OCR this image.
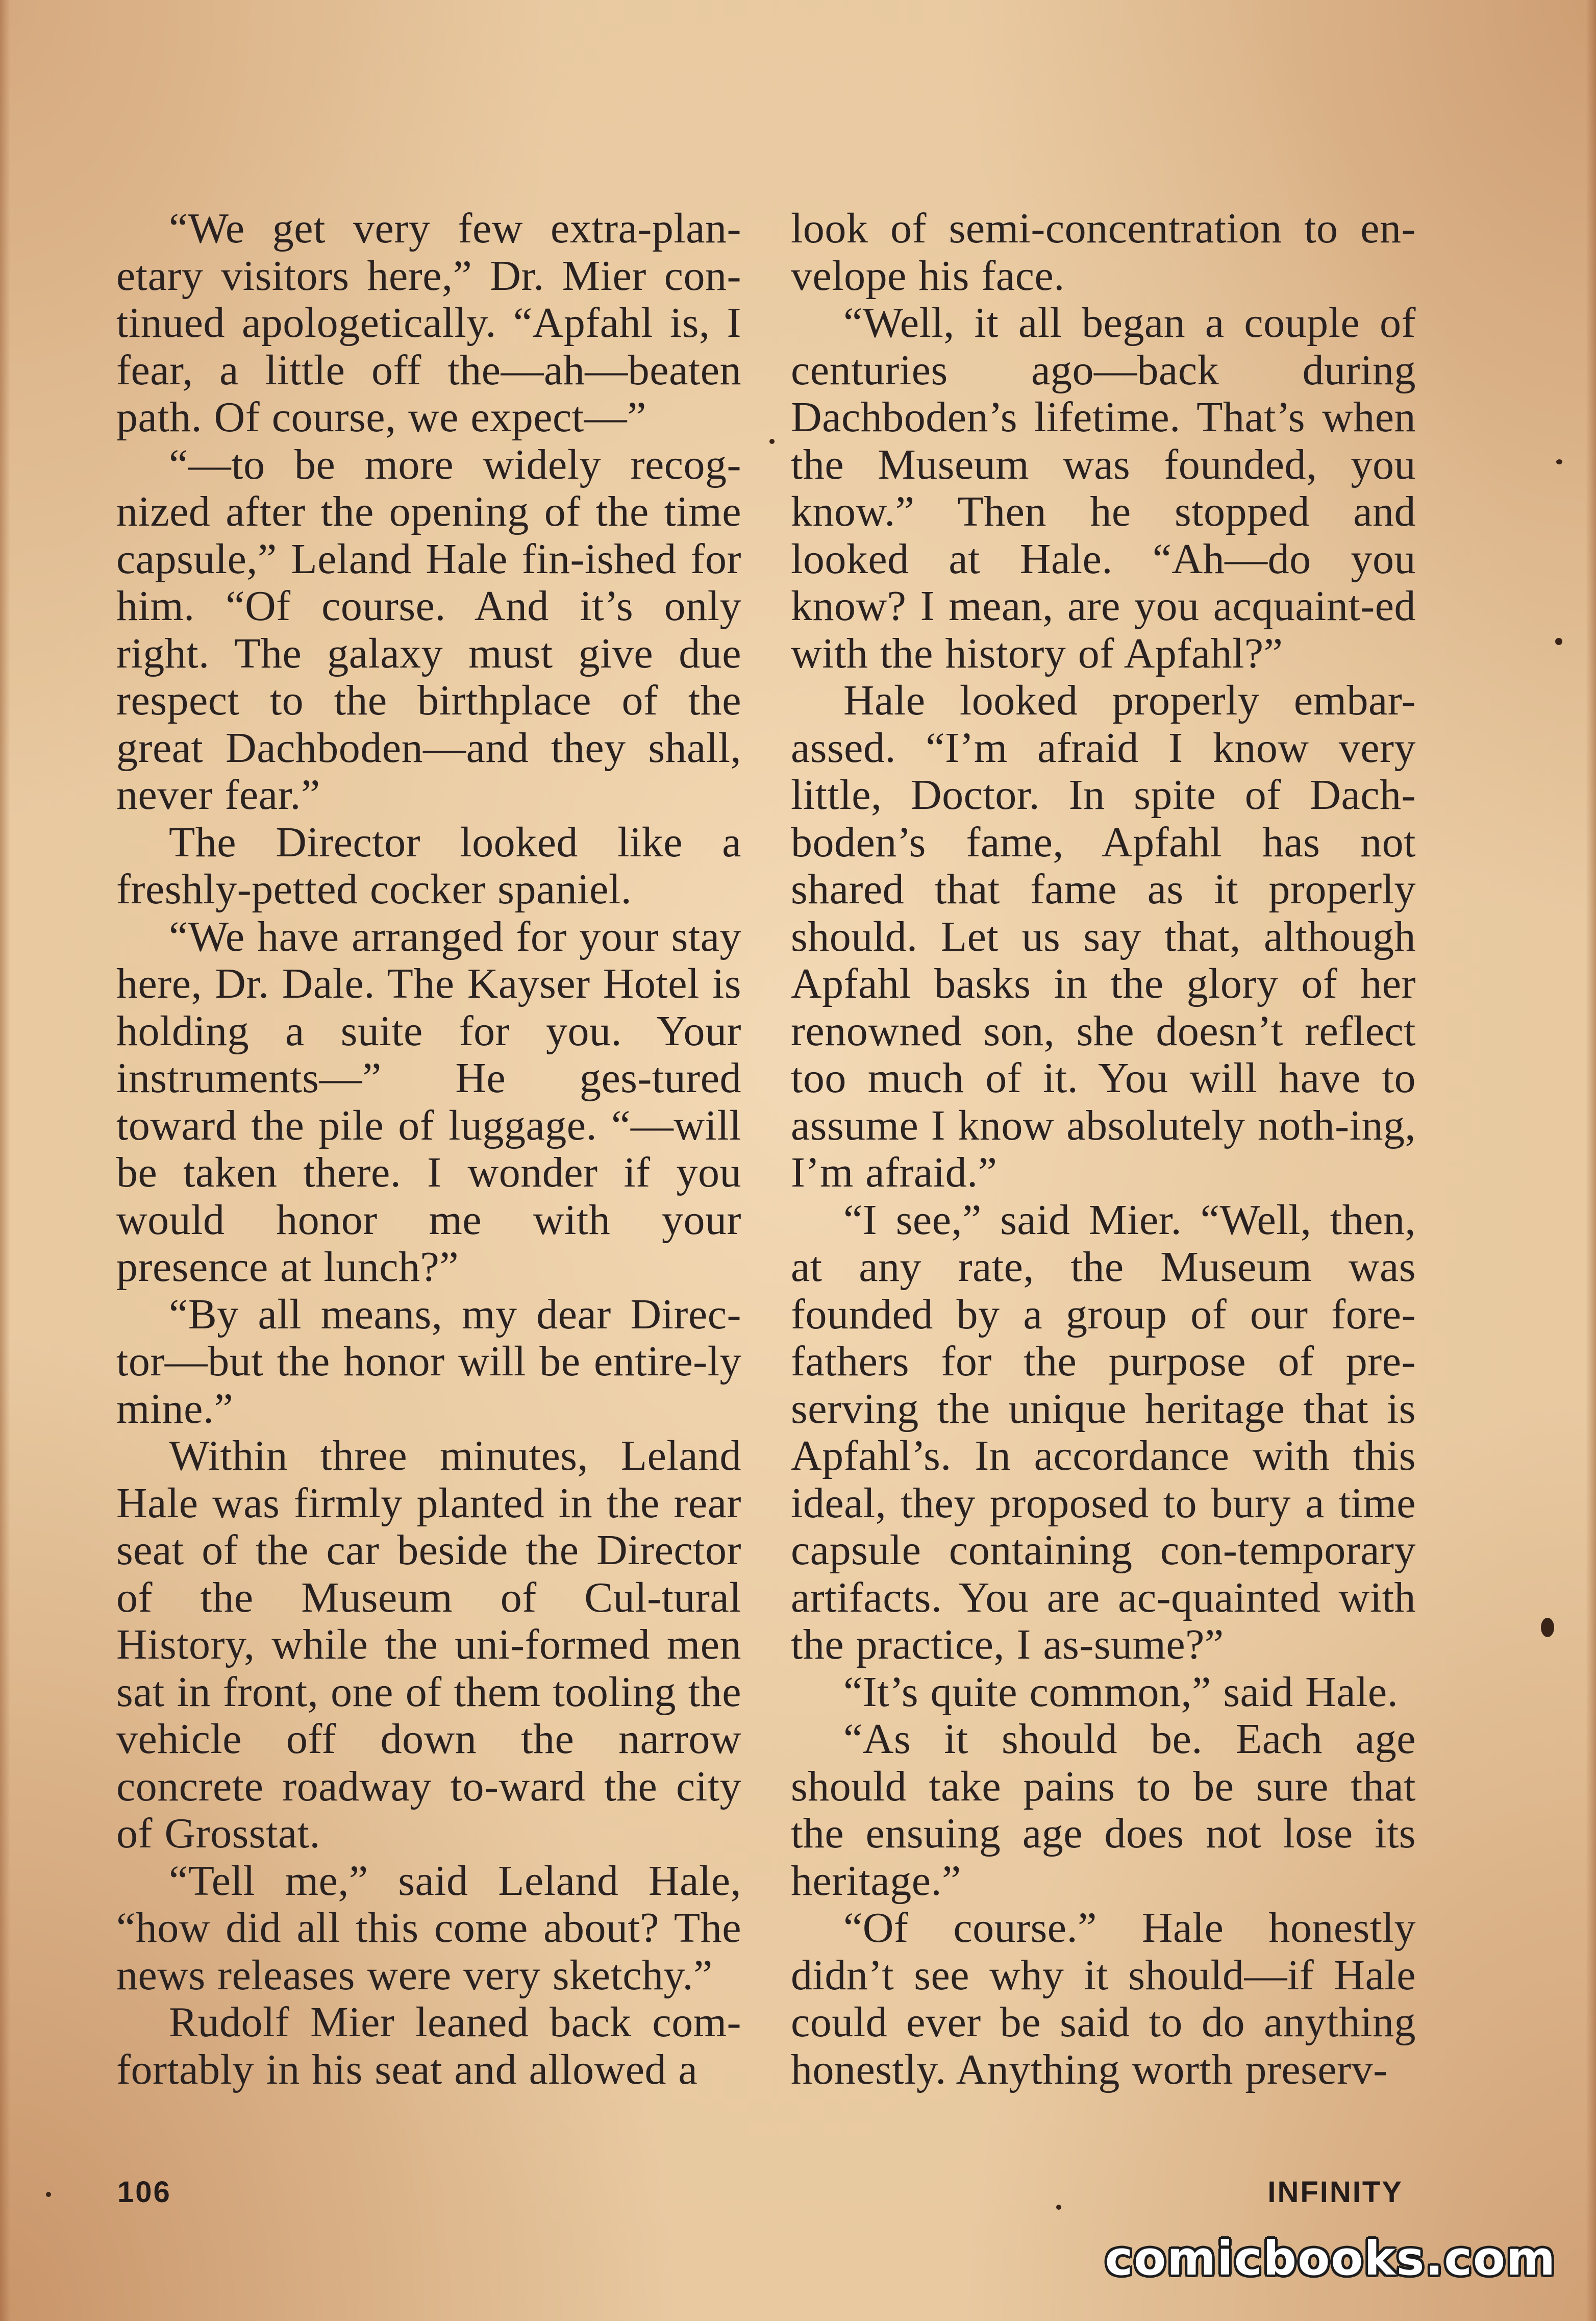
“We get very few extra-plan-etary visitors here,” Dr. Mier con-tinued apologetically. “Apfahl is, I fear, a little off the—ah—beaten path. Of course, we expect—”

“—to be more widely recog-nized after the opening of the time capsule,” Leland Hale fin-ished for him. “Of course. And it’s only right. The galaxy must give due respect to the birthplace of the great Dachboden—and they shall, never fear.”

The Director looked like a freshly-petted cocker spaniel.

“We have arranged for your stay here, Dr. Dale. The Kayser Hotel is holding a suite for you. Your instruments—” He ges-tured toward the pile of luggage. “—will be taken there. I wonder if you would honor me with your presence at lunch?”

“By all means, my dear Direc-tor—but the honor will be entire-ly mine.”

Within three minutes, Leland Hale was firmly planted in the rear seat of the car beside the Director of the Museum of Cul-tural History, while the uni-formed men sat in front, one of them tooling the vehicle off down the narrow concrete roadway to-ward the city of Grosstat.

“Tell me,” said Leland Hale, “how did all this come about? The news releases were very sketchy.”

Rudolf Mier leaned back com-fortably in his seat and allowed a

look of semi-concentration to en-velope his face.

“Well, it all began a couple of centuries ago—back during Dachboden’s lifetime. That’s when the Museum was founded, you know.” Then he stopped and looked at Hale. “Ah—do you know? I mean, are you acquaint-ed with the history of Apfahl?”

Hale looked properly embar-assed. “I’m afraid I know very little, Doctor. In spite of Dach-boden’s fame, Apfahl has not shared that fame as it properly should. Let us say that, although Apfahl basks in the glory of her renowned son, she doesn’t reflect too much of it. You will have to assume I know absolutely noth-ing, I’m afraid.”

“I see,” said Mier. “Well, then, at any rate, the Museum was founded by a group of our fore-fathers for the purpose of pre-serving the unique heritage that is Apfahl’s. In accordance with this ideal, they proposed to bury a time capsule containing con-temporary artifacts. You are ac-quainted with the practice, I as-sume?”

“It’s quite common,” said Hale.

“As it should be. Each age should take pains to be sure that the ensuing age does not lose its heritage.”

“Of course.” Hale honestly didn’t see why it should—if Hale could ever be said to do anything honestly. Anything worth preserv-

106	INFINITY
comicbooks.com
